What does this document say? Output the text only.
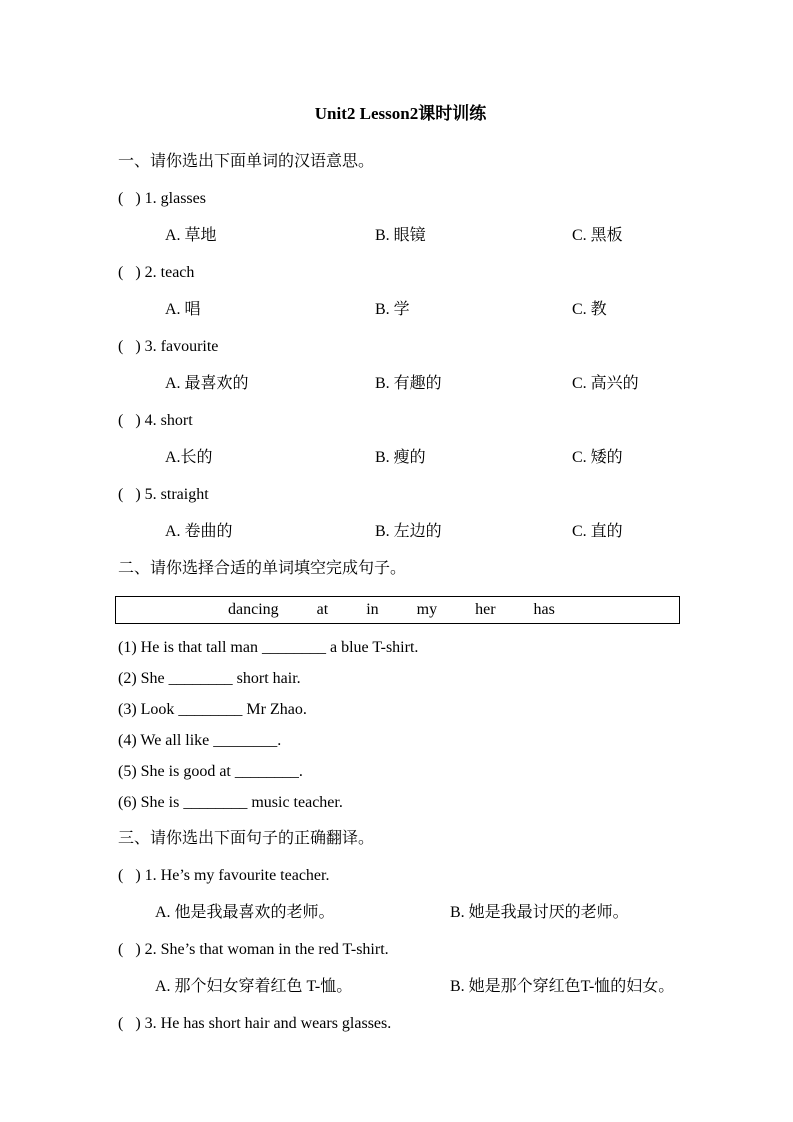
Unit2 Lesson2课时训练
一、请你选出下面单词的汉语意思。
(   ) 1. glasses
A. 草地	B. 眼镜	C. 黑板
(   ) 2. teach
A. 唱	B. 学	C. 教
(   ) 3. favourite
A. 最喜欢的	B. 有趣的	C. 高兴的
(   ) 4. short
A.长的	B. 瘦的	C. 矮的
(   ) 5. straight
A. 卷曲的	B. 左边的	C. 直的
二、请你选择合适的单词填空完成句子。
dancing at in my her has
(1) He is that tall man ________ a blue T-shirt.
(2) She ________ short hair.
(3) Look ________ Mr Zhao.
(4) We all like ________.
(5) She is good at ________.
(6) She is ________ music teacher.
三、请你选出下面句子的正确翻译。
(   ) 1. He’s my favourite teacher.
A. 他是我最喜欢的老师。	B. 她是我最讨厌的老师。
(   ) 2. She’s that woman in the red T-shirt.
A. 那个妇女穿着红色 T-恤。	B. 她是那个穿红色T-恤的妇女。
(   ) 3. He has short hair and wears glasses.
